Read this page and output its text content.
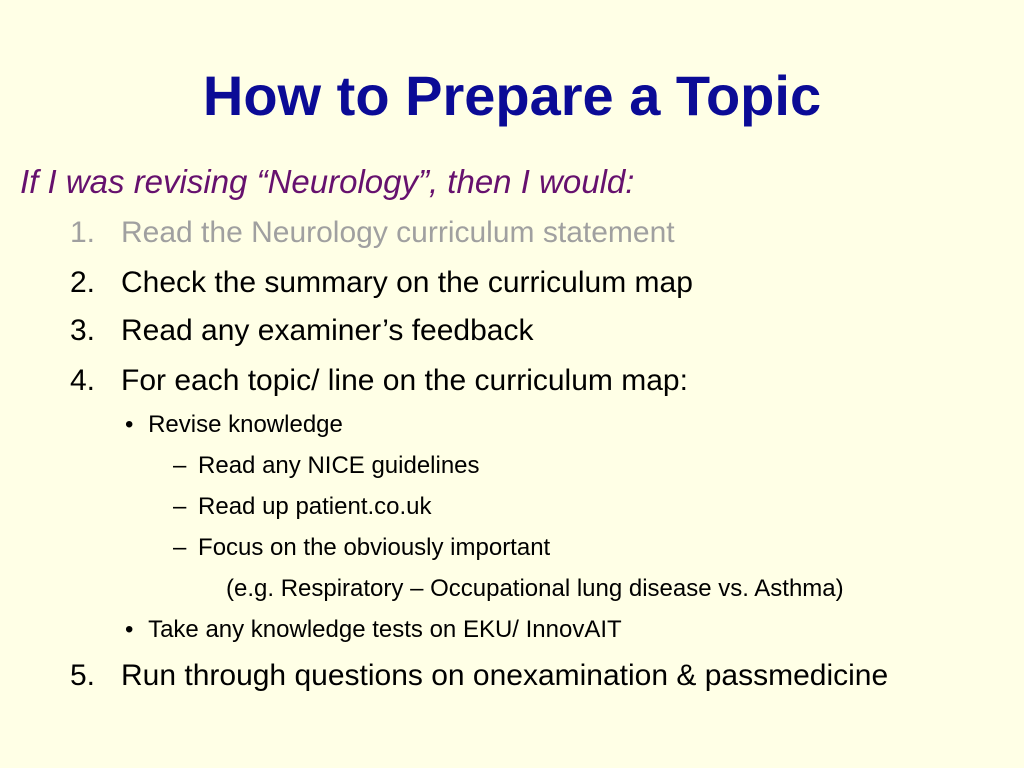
How to Prepare a Topic
If I was revising “Neurology”, then I would:
1. Read the Neurology curriculum statement
2. Check the summary on the curriculum map
3. Read any examiner’s feedback
4. For each topic/ line on the curriculum map:
• Revise knowledge
– Read any NICE guidelines
– Read up patient.co.uk
– Focus on the obviously important
(e.g. Respiratory – Occupational lung disease vs. Asthma)
• Take any knowledge tests on EKU/ InnovAIT
5. Run through questions on onexamination & passmedicine
